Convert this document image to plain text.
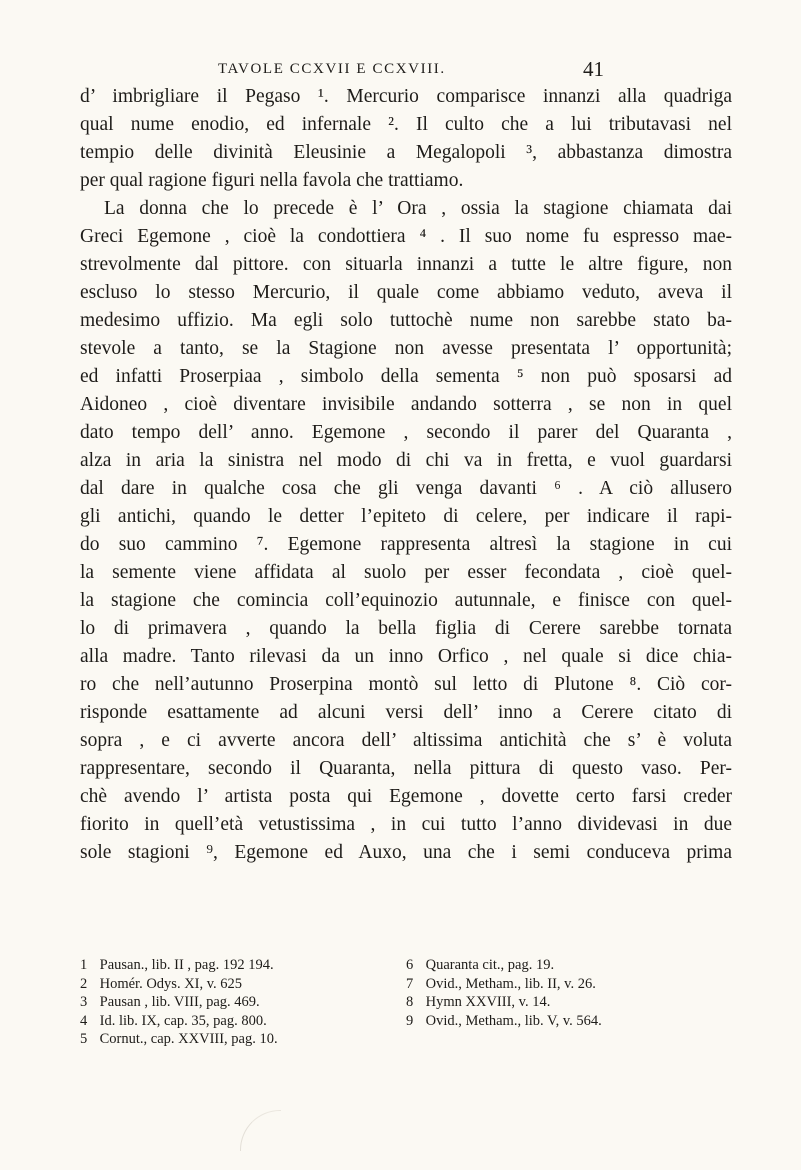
TAVOLE CCXVII E CCXVIII.	41
d’ imbrigliare il Pegaso ¹. Mercurio comparisce innanzi alla quadriga
qual nume enodio, ed infernale ². Il culto che a lui tributavasi nel
tempio delle divinità Eleusinie a Megalopoli ³, abbastanza dimostra
per qual ragione figuri nella favola che trattiamo.
La donna che lo precede è l’ Ora , ossia la stagione chiamata dai
Greci Egemone , cioè la condottiera ⁴ . Il suo nome fu espresso mae-
strevolmente dal pittore. con situarla innanzi a tutte le altre figure, non
escluso lo stesso Mercurio, il quale come abbiamo veduto, aveva il
medesimo uffizio. Ma egli solo tuttochè nume non sarebbe stato ba-
stevole a tanto, se la Stagione non avesse presentata l’ opportunità;
ed infatti Proserpiaa , simbolo della sementa ⁵ non può sposarsi ad
Aidoneo , cioè diventare invisibile andando sotterra , se non in quel
dato tempo dell’ anno. Egemone , secondo il parer del Quaranta ,
alza in aria la sinistra nel modo di chi va in fretta, e vuol guardarsi
dal dare in qualche cosa che gli venga davanti ⁶ . A ciò allusero
gli antichi, quando le detter l’epiteto di celere, per indicare il rapi-
do suo cammino ⁷. Egemone rappresenta altresì la stagione in cui
la semente viene affidata al suolo per esser fecondata , cioè quel-
la stagione che comincia coll’equinozio autunnale, e finisce con quel-
lo di primavera , quando la bella figlia di Cerere sarebbe tornata
alla madre. Tanto rilevasi da un inno Orfico , nel quale si dice chia-
ro che nell’autunno Proserpina montò sul letto di Plutone ⁸. Ciò cor-
risponde esattamente ad alcuni versi dell’ inno a Cerere citato di
sopra , e ci avverte ancora dell’ altissima antichità che s’ è voluta
rappresentare, secondo il Quaranta, nella pittura di questo vaso. Per-
chè avendo l’ artista posta qui Egemone , dovette certo farsi creder
fiorito in quell’età vetustissima , in cui tutto l’anno dividevasi in due
sole stagioni ⁹, Egemone ed Auxo, una che i semi conduceva prima
1 Pausan., lib. II , pag. 192 194.
2 Homér. Odys. XI, v. 625
3 Pausan , lib. VIII, pag. 469.
4 Id. lib. IX, cap. 35, pag. 800.
5 Cornut., cap. XXVIII, pag. 10.
6 Quaranta cit., pag. 19.
7 Ovid., Metham., lib. II, v. 26.
8 Hymn XXVIII, v. 14.
9 Ovid., Metham., lib. V, v. 564.
